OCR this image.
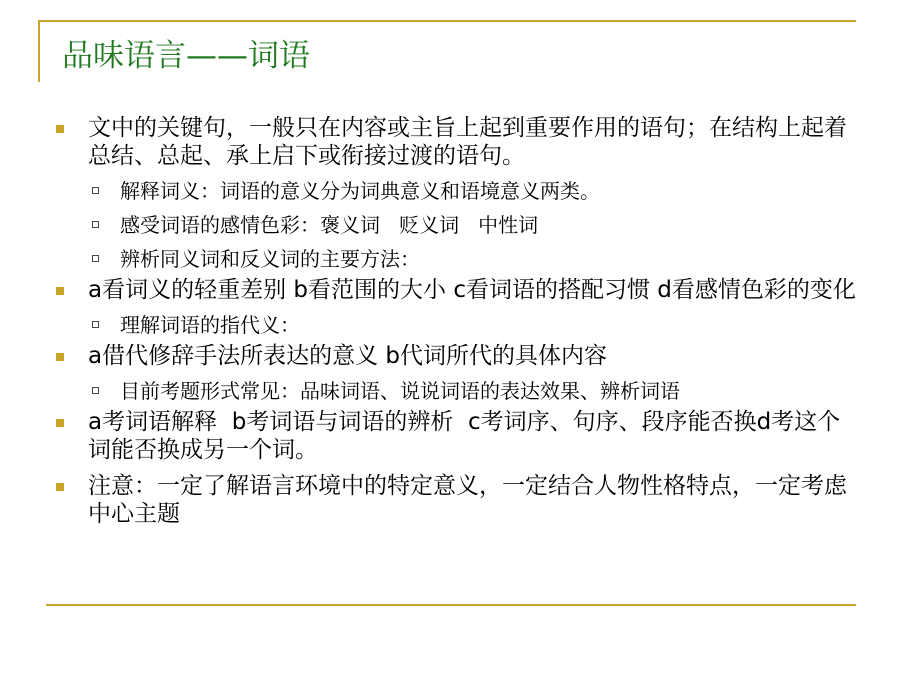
品味语言——词语
文中的关键句，一般只在内容或主旨上起到重要作用的语句；在结构上起着总结、总起、承上启下或衔接过渡的语句。
解释词义：词语的意义分为词典意义和语境意义两类。
感受词语的感情色彩：褒义词   贬义词   中性词
辨析同义词和反义词的主要方法：
a看词义的轻重差别 b看范围的大小 c看词语的搭配习惯 d看感情色彩的变化
理解词语的指代义：
a借代修辞手法所表达的意义 b代词所代的具体内容
目前考题形式常见：品味词语、说说词语的表达效果、辨析词语
a考词语解释  b考词语与词语的辨析  c考词序、句序、段序能否换d考这个词能否换成另一个词。
注意：一定了解语言环境中的特定意义，一定结合人物性格特点，一定考虑中心主题
